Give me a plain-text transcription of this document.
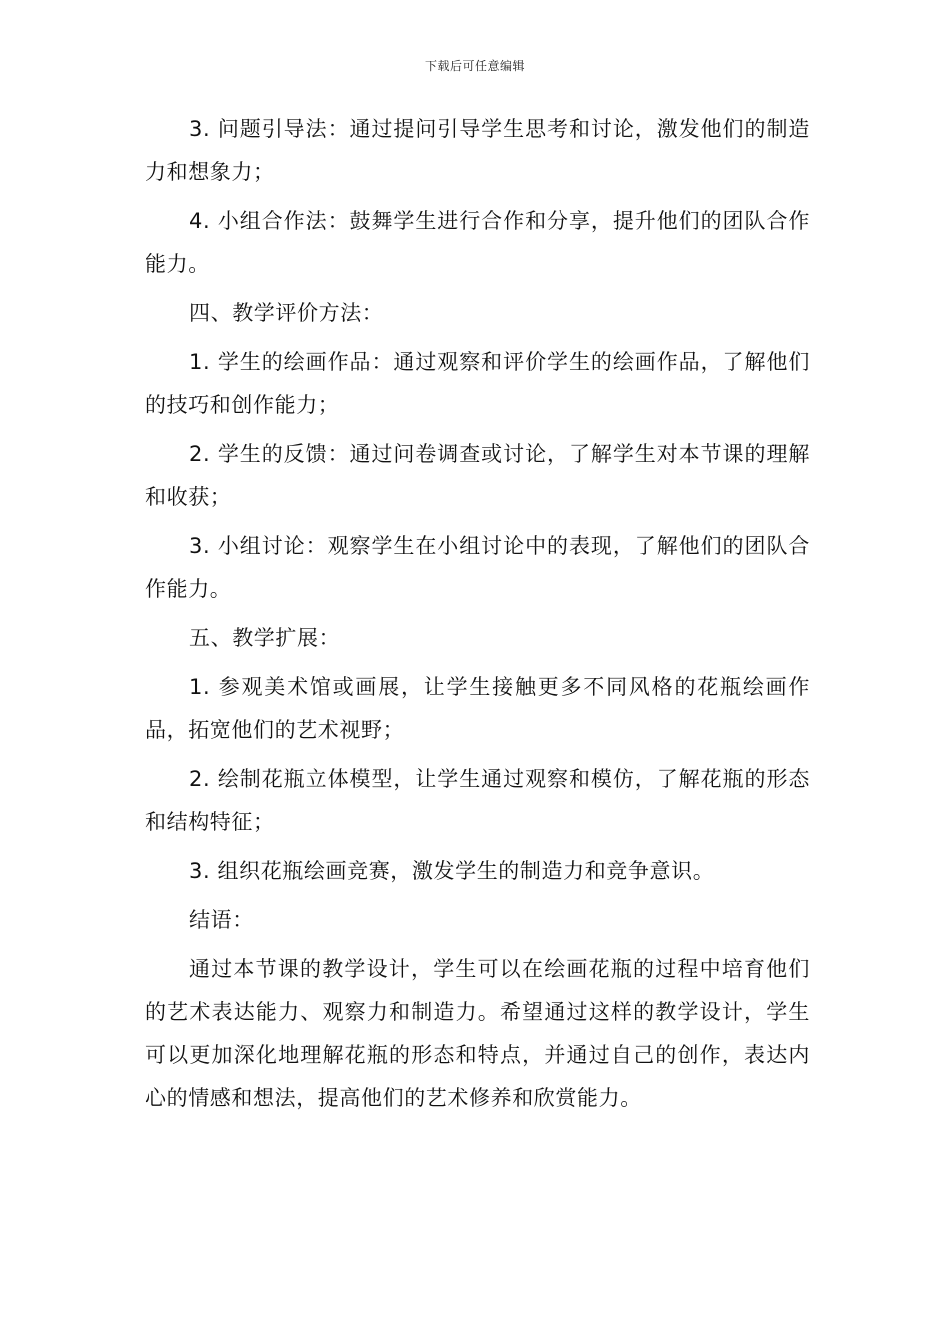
下载后可任意编辑

3. 问题引导法：通过提问引导学生思考和讨论，激发他们的制造力和想象力；

4. 小组合作法：鼓舞学生进行合作和分享，提升他们的团队合作能力。

四、教学评价方法：

1. 学生的绘画作品：通过观察和评价学生的绘画作品，了解他们的技巧和创作能力；

2. 学生的反馈：通过问卷调查或讨论，了解学生对本节课的理解和收获；

3. 小组讨论：观察学生在小组讨论中的表现，了解他们的团队合作能力。

五、教学扩展：

1. 参观美术馆或画展，让学生接触更多不同风格的花瓶绘画作品，拓宽他们的艺术视野；

2. 绘制花瓶立体模型，让学生通过观察和模仿，了解花瓶的形态和结构特征；

3. 组织花瓶绘画竞赛，激发学生的制造力和竞争意识。

结语：

通过本节课的教学设计，学生可以在绘画花瓶的过程中培育他们的艺术表达能力、观察力和制造力。希望通过这样的教学设计，学生可以更加深化地理解花瓶的形态和特点，并通过自己的创作，表达内心的情感和想法，提高他们的艺术修养和欣赏能力。
